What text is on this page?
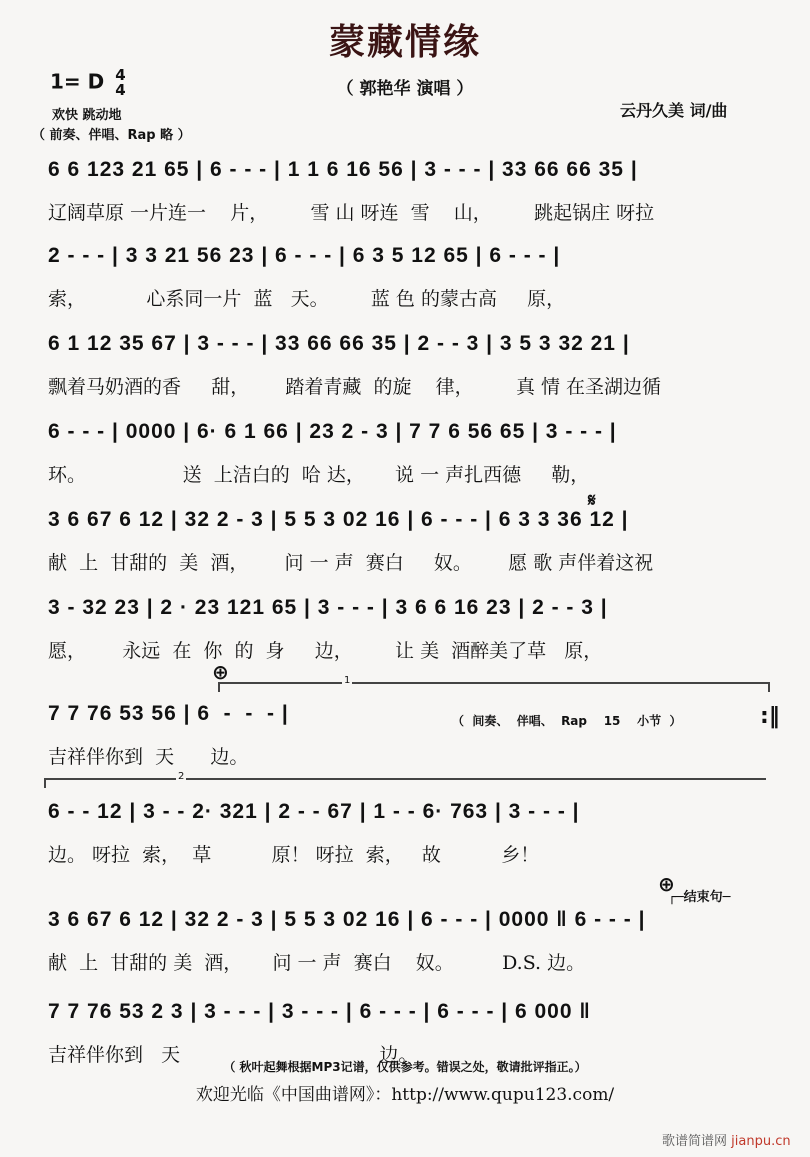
蒙藏情缘
1= D 4
4	（ 郭艳华 演唱 ）
欢快 跳动地
（ 前奏、伴唱、Rap 略 ）
云丹久美 词/曲
6 6 123 21 65 | 6 - - - | 1 1 6 16 56 | 3 - - - | 33 66 66 35 |
辽阔草原 一片连一    片，       雪 山 呀连  雪    山，       跳起锅庄 呀拉
2 - - - | 3 3 21 56 23 | 6 - - - | 6 3 5 12 65 | 6 - - - |
索，          心系同一片  蓝   天。       蓝 色 的蒙古高     原，
6 1 12 35 67 | 3 - - - | 33 66 66 35 | 2 - - 3 | 3 5 3 32 21 |
飘着马奶酒的香     甜，      踏着青藏  的旋    律，       真 情 在圣湖边循
6 - - - | 0000 | 6· 6 1 66 | 23 2 - 3 | 7 7 6 56 65 | 3 - - - |
环。                送  上洁白的  哈 达，     说 一 声扎西德     勒，
𝄋
3 6 67 6 12 | 32 2 - 3 | 5 5 3 02 16 | 6 - - - | 6 3 3 36 12 |
献  上  甘甜的  美  酒，      问 一 声  赛白     奴。      愿 歌 声伴着这祝
3 - 32 23 | 2 · 23 121 65 | 3 - - - | 3 6 6 16 23 | 2 - - 3 |
愿，      永远  在  你  的  身     边，       让 美  酒醉美了草   原，
⊕	1
7 7 76 53 56 | 6  -  -  - |
吉祥伴你到  天      边。
（  间奏、  伴唱、  Rap    15    小节  ）	:‖
2
6 - - 12 | 3 - - 2· 321 | 2 - - 67 | 1 - - 6· 763 | 3 - - - |
边。 呀拉  索，  草          原！ 呀拉  索，   故          乡！
⊕
┌─结束句─
3 6 67 6 12 | 32 2 - 3 | 5 5 3 02 16 | 6 - - - | 0000 ‖ 6 - - - |
献  上  甘甜的 美  酒，     问 一 声  赛白    奴。        D.S. 边。
7 7 76 53 2 3 | 3 - - - | 3 - - - | 6 - - - | 6 - - - | 6 000 ‖
吉祥伴你到   天                                 边。
（ 秋叶起舞根据MP3记谱，仅供参考。错误之处，敬请批评指正。）
欢迎光临《中国曲谱网》：http://www.qupu123.com/
歌谱简谱网 jianpu.cn
